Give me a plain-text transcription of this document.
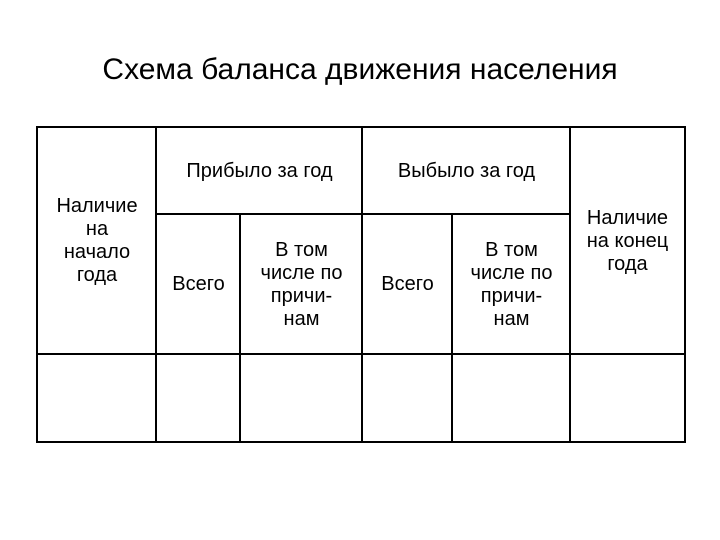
Схема баланса движения населения
Наличие
на
начало
года
Прибыло за год	Выбыло за год
Наличие
на конец
года
Всего
В том
числе по
причи-
нам
Всего
В том
числе по
причи-
нам
